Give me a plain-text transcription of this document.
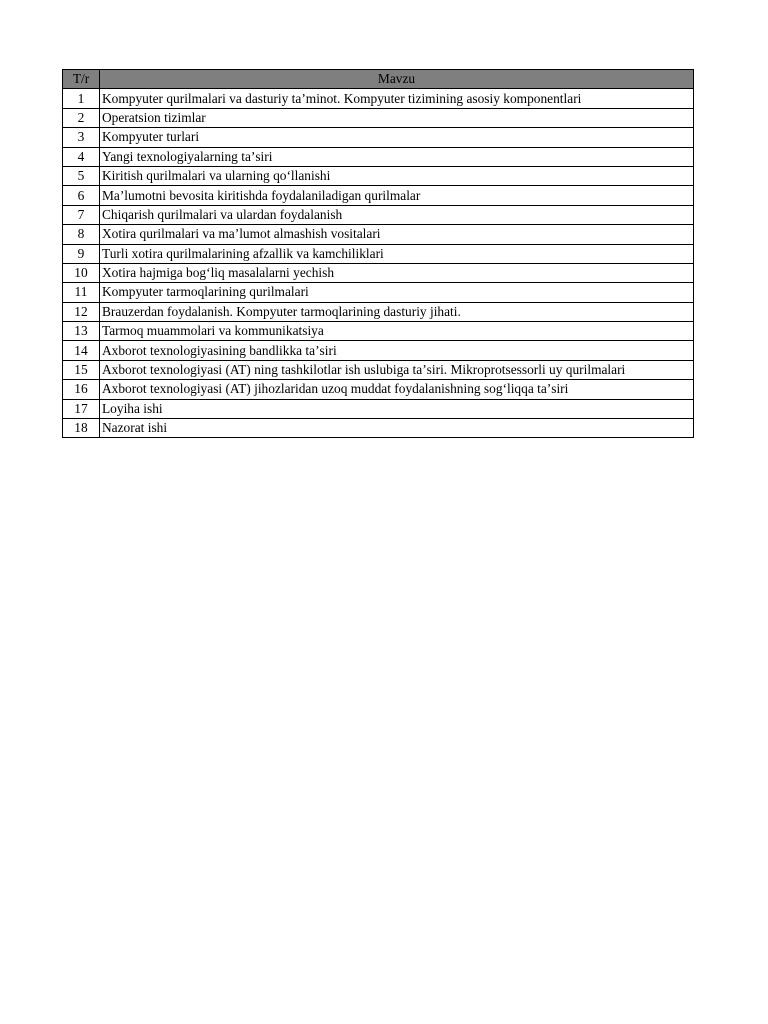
T/r	Mavzu
1	Kompyuter qurilmalari va dasturiy taʼminot. Kompyuter tizimining asosiy komponentlari
2	Operatsion tizimlar
3	Kompyuter turlari
4	Yangi texnologiyalarning taʼsiri
5	Kiritish qurilmalari va ularning qoʻllanishi
6	Maʼlumotni bevosita kiritishda foydalaniladigan qurilmalar
7	Chiqarish qurilmalari va ulardan foydalanish
8	Xotira qurilmalari va maʼlumot almashish vositalari
9	Turli xotira qurilmalarining afzallik va kamchiliklari
10	Xotira hajmiga bogʻliq masalalarni yechish
11	Kompyuter tarmoqlarining qurilmalari
12	Brauzerdan foydalanish. Kompyuter tarmoqlarining dasturiy jihati.
13	Tarmoq muammolari va kommunikatsiya
14	Axborot texnologiyasining bandlikka taʼsiri
15	Axborot texnologiyasi (AT) ning tashkilotlar ish uslubiga taʼsiri. Mikroprotsessorli uy qurilmalari
16	Axborot texnologiyasi (AT) jihozlaridan uzoq muddat foydalanishning sogʻliqqa taʼsiri
17	Loyiha ishi
18	Nazorat ishi
